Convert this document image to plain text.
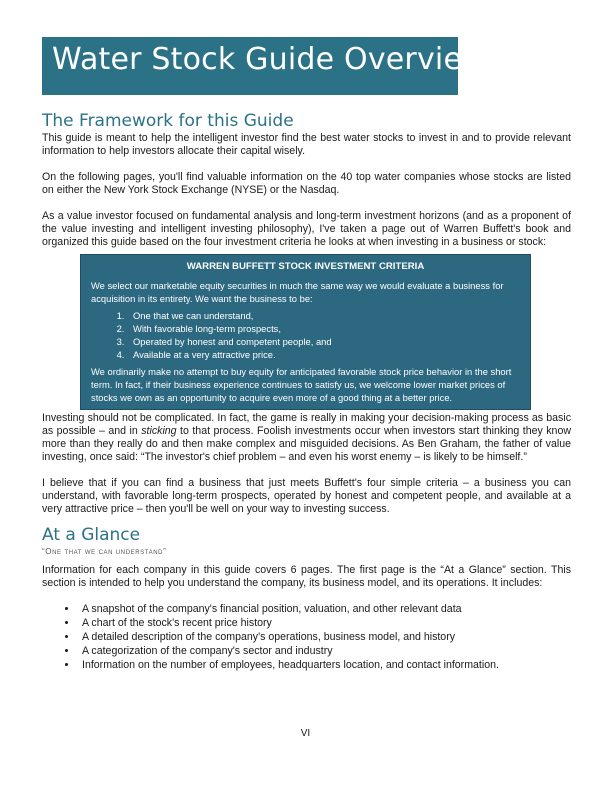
Water Stock Guide Overview
The Framework for this Guide

This guide is meant to help the intelligent investor find the best water stocks to invest in and to provide relevant information to help investors allocate their capital wisely.

On the following pages, you'll find valuable information on the 40 top water companies whose stocks are listed on either the New York Stock Exchange (NYSE) or the Nasdaq.

As a value investor focused on fundamental analysis and long-term investment horizons (and as a proponent of the value investing and intelligent investing philosophy), I've taken a page out of Warren Buffett's book and organized this guide based on the four investment criteria he looks at when investing in a business or stock:

WARREN BUFFETT STOCK INVESTMENT CRITERIA

We select our marketable equity securities in much the same way we would evaluate a business for acquisition in its entirety. We want the business to be:

1. One that we can understand,
2. With favorable long-term prospects,
3. Operated by honest and competent people, and
4. Available at a very attractive price.

We ordinarily make no attempt to buy equity for anticipated favorable stock price behavior in the short term. In fact, if their business experience continues to satisfy us, we welcome lower market prices of stocks we own as an opportunity to acquire even more of a good thing at a better price.

Investing should not be complicated. In fact, the game is really in making your decision-making process as basic as possible – and in sticking to that process. Foolish investments occur when investors start thinking they know more than they really do and then make complex and misguided decisions. As Ben Graham, the father of value investing, once said: “The investor's chief problem – and even his worst enemy – is likely to be himself.”

I believe that if you can find a business that just meets Buffett's four simple criteria – a business you can understand, with favorable long-term prospects, operated by honest and competent people, and available at a very attractive price – then you'll be well on your way to investing success.

At a Glance
“One that we can understand”

Information for each company in this guide covers 6 pages. The first page is the “At a Glance” section. This section is intended to help you understand the company, its business model, and its operations. It includes:

• A snapshot of the company's financial position, valuation, and other relevant data
• A chart of the stock's recent price history
• A detailed description of the company's operations, business model, and history
• A categorization of the company's sector and industry
• Information on the number of employees, headquarters location, and contact information.
VI
